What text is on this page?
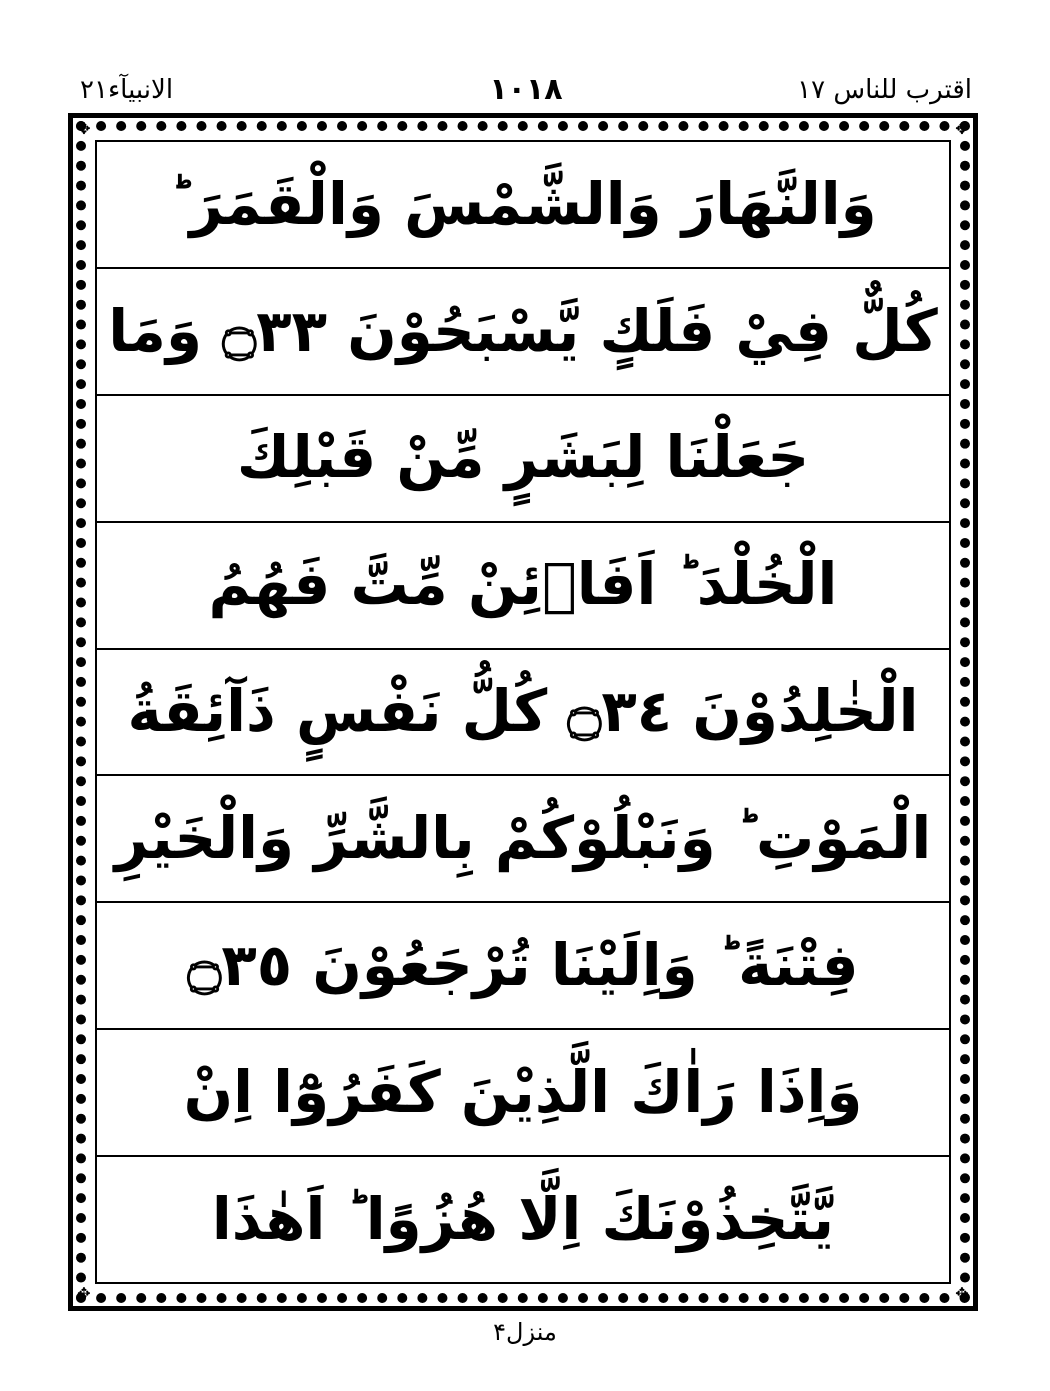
الانبیآء۲۱	۱۰۱۸	اقترب للناس ۱۷
✥	✥
✥	✥
وَالنَّهَارَ وَالشَّمْسَ وَالْقَمَرَ ؕ
كُلٌّ فِيْ فَلَكٍ يَّسْبَحُوْنَ ۝٣٣ وَمَا
جَعَلْنَا لِبَشَرٍ مِّنْ قَبْلِكَ
الْخُلْدَ ؕ اَفَاۡئِنْ مِّتَّ فَهُمُ
الْخٰلِدُوْنَ ۝٣٤ كُلُّ نَفْسٍ ذَآئِقَةُ
الْمَوْتِ ؕ وَنَبْلُوْكُمْ بِالشَّرِّ وَالْخَيْرِ
فِتْنَةً ؕ وَاِلَيْنَا تُرْجَعُوْنَ ۝٣٥
وَاِذَا رَاٰكَ الَّذِيْنَ كَفَرُوْٓا اِنْ
يَّتَّخِذُوْنَكَ اِلَّا هُزُوًا ؕ اَهٰذَا
منزل۴
